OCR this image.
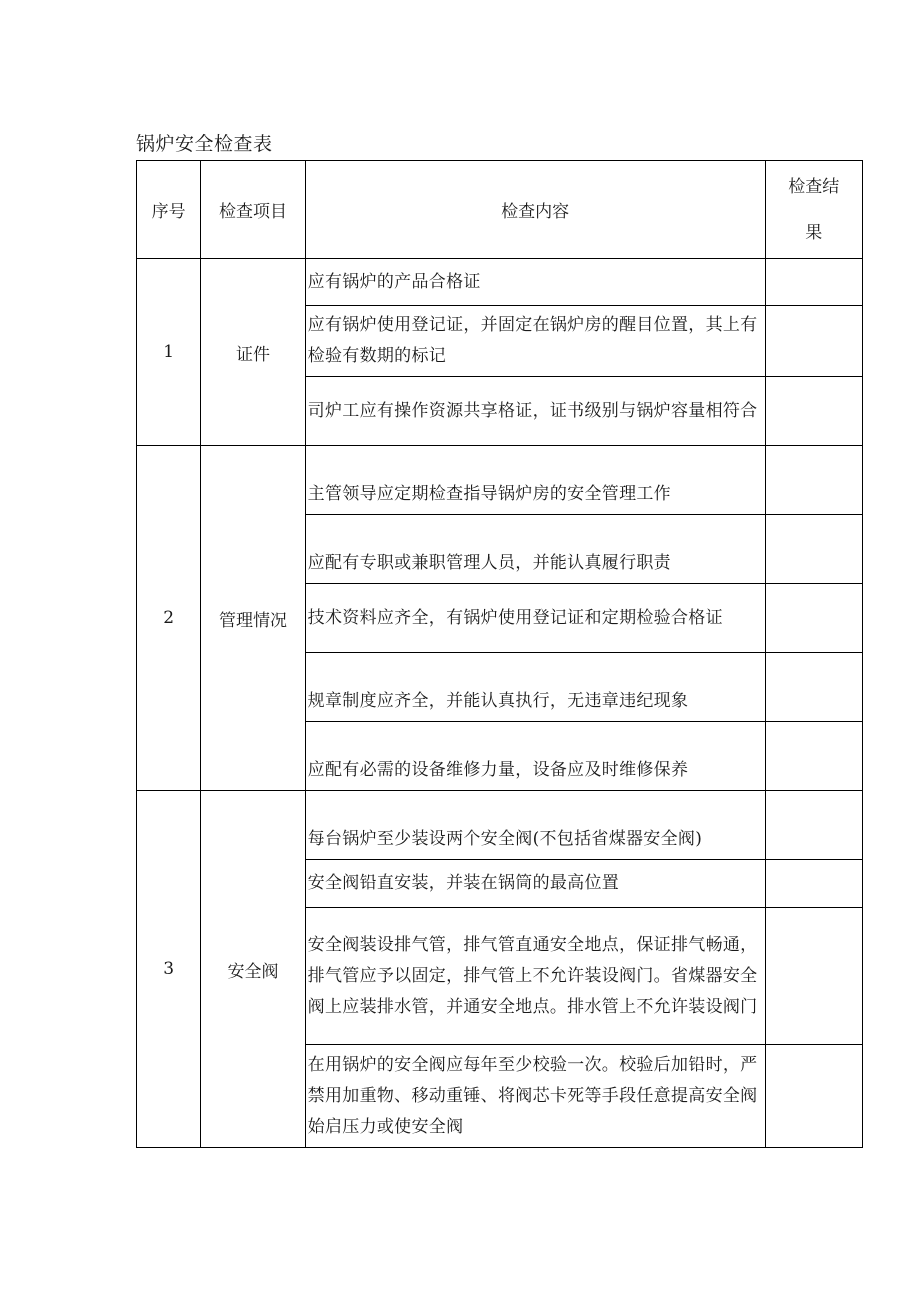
锅炉安全检查表
序号	检查项目	检查内容	检查结
果
1	证件	应有锅炉的产品合格证	
		应有锅炉使用登记证，并固定在锅炉房的醒目位置，其上有检验有数期的标记	
		司炉工应有操作资源共享格证，证书级别与锅炉容量相符合	
2	管理情况	主管领导应定期检查指导锅炉房的安全管理工作	
		应配有专职或兼职管理人员，并能认真履行职责	
		技术资料应齐全，有锅炉使用登记证和定期检验合格证	
		规章制度应齐全，并能认真执行，无违章违纪现象	
		应配有必需的设备维修力量，设备应及时维修保养	
3	安全阀	每台锅炉至少装设两个安全阀(不包括省煤器安全阀)	
		安全阀铅直安装，并装在锅筒的最高位置	
		安全阀装设排气管，排气管直通安全地点，保证排气畅通，排气管应予以固定，排气管上不允许装设阀门。省煤器安全阀上应装排水管，并通安全地点。排水管上不允许装设阀门	
		在用锅炉的安全阀应每年至少校验一次。校验后加铅时，严禁用加重物、移动重锤、将阀芯卡死等手段任意提高安全阀始启压力或使安全阀	
